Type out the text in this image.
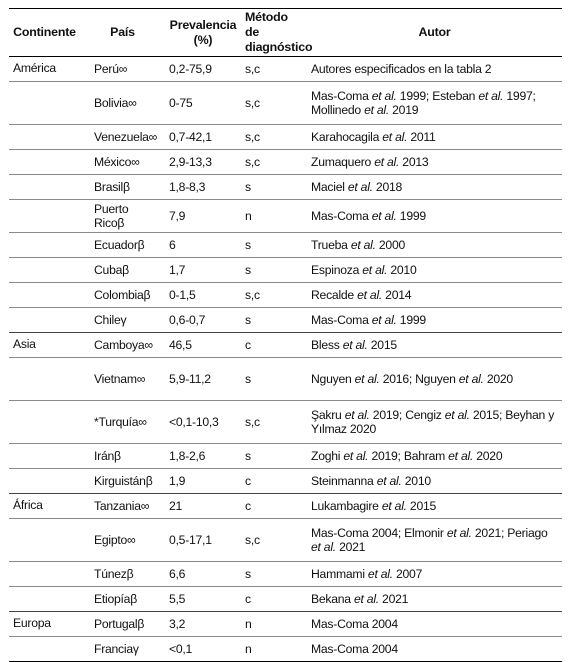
Continente	País	Prevalencia (%)	Método de diagnóstico	Autor
América	Perú∞	0,2-75,9	s,c	Autores especificados en la tabla 2
	Bolivia∞	0-75	s,c	Mas-Coma et al. 1999; Esteban et al. 1997; Mollinedo et al. 2019
	Venezuela∞	0,7-42,1	s,c	Karahocagila et al. 2011
	México∞	2,9-13,3	s,c	Zumaquero et al. 2013
	Brasilβ	1,8-8,3	s	Maciel et al. 2018
	Puerto Ricoβ	7,9	n	Mas-Coma et al. 1999
	Ecuadorβ	6	s	Trueba et al. 2000
	Cubaβ	1,7	s	Espinoza et al. 2010
	Colombiaβ	0-1,5	s,c	Recalde et al. 2014
	Chileγ	0,6-0,7	s	Mas-Coma et al. 1999
Asia	Camboya∞	46,5	c	Bless et al. 2015
	Vietnam∞	5,9-11,2	s	Nguyen et al. 2016; Nguyen et al. 2020
	*Turquía∞	<0,1-10,3	s,c	Şakru et al. 2019; Cengiz et al. 2015; Beyhan y Yılmaz 2020
	Iránβ	1,8-2,6	s	Zoghi et al. 2019; Bahram et al. 2020
	Kirguistánβ	1,9	c	Steinmanna et al. 2010
África	Tanzania∞	21	c	Lukambagire et al. 2015
	Egipto∞	0,5-17,1	s,c	Mas-Coma 2004; Elmonir et al. 2021; Periago et al. 2021
	Túnezβ	6,6	s	Hammami et al. 2007
	Etiopíaβ	5,5	c	Bekana et al. 2021
Europa	Portugalβ	3,2	n	Mas-Coma 2004
	Franciaγ	<0,1	n	Mas-Coma 2004
